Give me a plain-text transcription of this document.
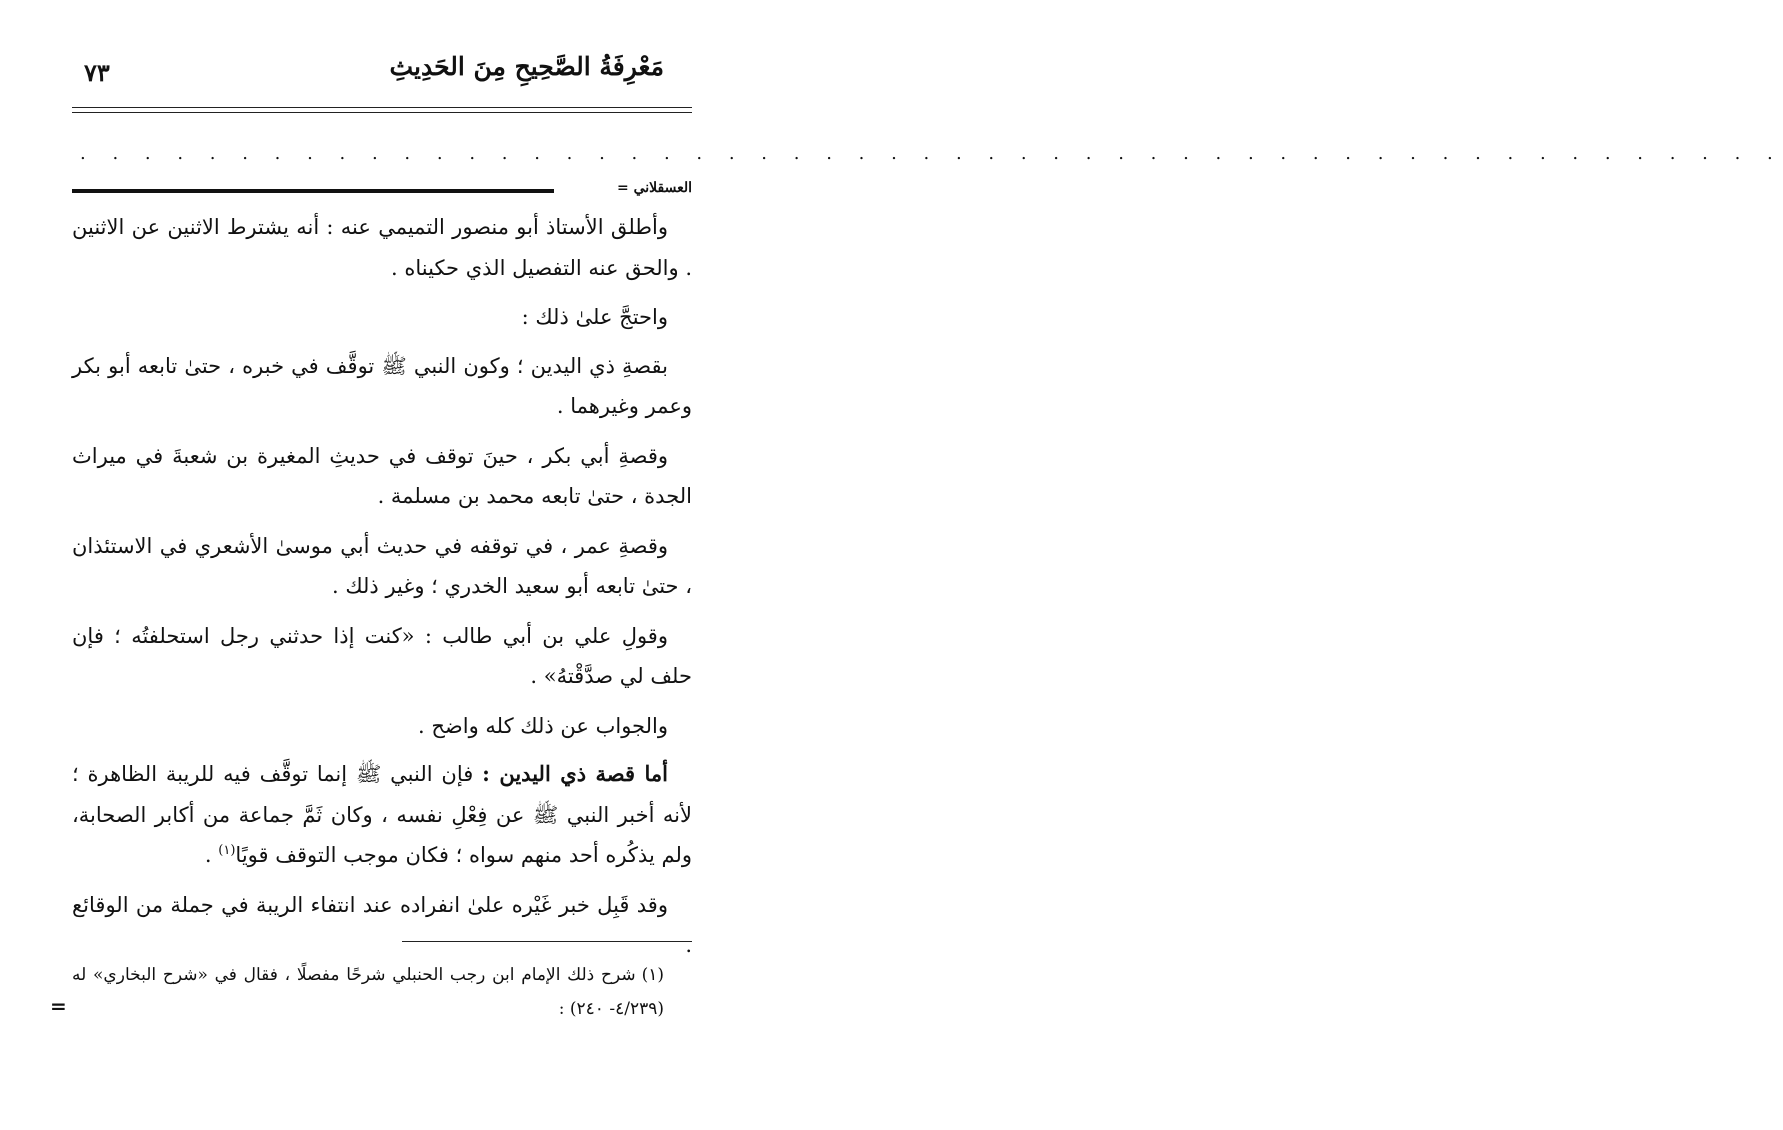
مَعْرِفَةُ الصَّحِيحِ مِنَ الحَدِيثِ
٧٣
. . . . . . . . . . . . . . . . . . . . . . . . . . . . . . . . . . . . . . . . . . . . . . . . . . . . .
العسقلاني =

وأطلق الأستاذ أبو منصور التميمي عنه : أنه يشترط الاثنين عن الاثنين . والحق عنه التفصيل الذي حكيناه .

واحتجَّ علىٰ ذلك :

بقصةِ ذي اليدين ؛ وكون النبي ﷺ توقَّف في خبره ، حتىٰ تابعه أبو بكر وعمر وغيرهما .

وقصةِ أبي بكر ، حينَ توقف في حديثِ المغيرة بن شعبةَ في ميراث الجدة ، حتىٰ تابعه محمد بن مسلمة .

وقصةِ عمر ، في توقفه في حديث أبي موسىٰ الأشعري في الاستئذان ، حتىٰ تابعه أبو سعيد الخدري ؛ وغير ذلك .

وقولِ علي بن أبي طالب : «كنت إذا حدثني رجل استحلفتُه ؛ فإن حلف لي صدَّقْتهُ» .

والجواب عن ذلك كله واضح .

أما قصة ذي اليدين : فإن النبي ﷺ إنما توقَّف فيه للريبة الظاهرة ؛ لأنه أخبر النبي ﷺ عن فِعْلِ نفسه ، وكان ثَمَّ جماعة من أكابر الصحابة، ولم يذكُره أحد منهم سواه ؛ فكان موجب التوقف قويًا$^{(١)}$ .

وقد قَبِل خبر غَيْره علىٰ انفراده عند انتفاء الريبة في جملة من الوقائع .

(١)شرح ذلك الإمام ابن رجب الحنبلي شرحًا مفصلًا ، فقال في «شرح البخاري» له (٤/٢٣٩- ٢٤٠) :
=
